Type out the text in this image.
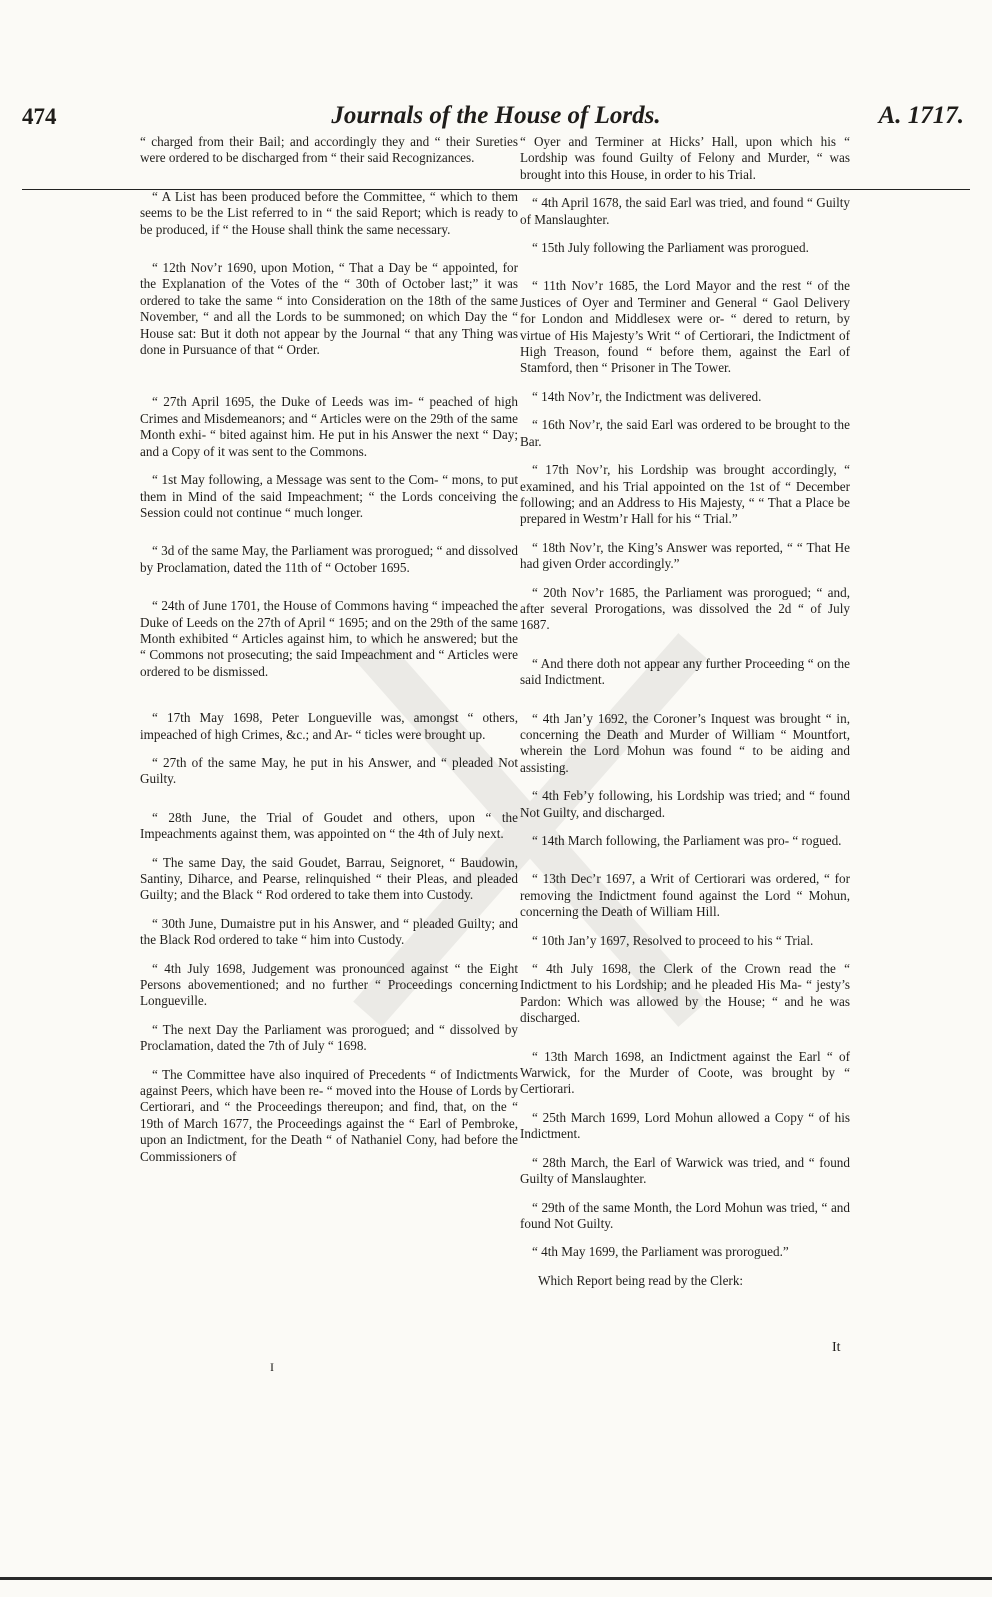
474	Journals of the House of Lords.	A. 1717.

“ charged from their Bail; and accordingly they and “ their Sureties were ordered to be discharged from “ their said Recognizances.

“ A List has been produced before the Committee, “ which to them seems to be the List referred to in “ the said Report; which is ready to be produced, if “ the House shall think the same necessary.

“ 12th Nov’r 1690, upon Motion, “ That a Day be “ appointed, for the Explanation of the Votes of the “ 30th of October last;” it was ordered to take the same “ into Consideration on the 18th of the same November, “ and all the Lords to be summoned; on which Day the “ House sat: But it doth not appear by the Journal “ that any Thing was done in Pursuance of that “ Order.

“ 27th April 1695, the Duke of Leeds was im- “ peached of high Crimes and Misdemeanors; and “ Articles were on the 29th of the same Month exhi- “ bited against him. He put in his Answer the next “ Day; and a Copy of it was sent to the Commons.

“ 1st May following, a Message was sent to the Com- “ mons, to put them in Mind of the said Impeachment; “ the Lords conceiving the Session could not continue “ much longer.

“ 3d of the same May, the Parliament was prorogued; “ and dissolved by Proclamation, dated the 11th of “ October 1695.

“ 24th of June 1701, the House of Commons having “ impeached the Duke of Leeds on the 27th of April “ 1695; and on the 29th of the same Month exhibited “ Articles against him, to which he answered; but the “ Commons not prosecuting; the said Impeachment and “ Articles were ordered to be dismissed.

“ 17th May 1698, Peter Longueville was, amongst “ others, impeached of high Crimes, &c.; and Ar- “ ticles were brought up.

“ 27th of the same May, he put in his Answer, and “ pleaded Not Guilty.

“ 28th June, the Trial of Goudet and others, upon “ the Impeachments against them, was appointed on “ the 4th of July next.

“ The same Day, the said Goudet, Barrau, Seignoret, “ Baudowin, Santiny, Diharce, and Pearse, relinquished “ their Pleas, and pleaded Guilty; and the Black “ Rod ordered to take them into Custody.

“ 30th June, Dumaistre put in his Answer, and “ pleaded Guilty; and the Black Rod ordered to take “ him into Custody.

“ 4th July 1698, Judgement was pronounced against “ the Eight Persons abovementioned; and no further “ Proceedings concerning Longueville.

“ The next Day the Parliament was prorogued; and “ dissolved by Proclamation, dated the 7th of July “ 1698.

“ The Committee have also inquired of Precedents “ of Indictments against Peers, which have been re- “ moved into the House of Lords by Certiorari, and “ the Proceedings thereupon; and find, that, on the “ 19th of March 1677, the Proceedings against the “ Earl of Pembroke, upon an Indictment, for the Death “ of Nathaniel Cony, had before the Commissioners of

“ Oyer and Terminer at Hicks’ Hall, upon which his “ Lordship was found Guilty of Felony and Murder, “ was brought into this House, in order to his Trial.

“ 4th April 1678, the said Earl was tried, and found “ Guilty of Manslaughter.

“ 15th July following the Parliament was prorogued.

“ 11th Nov’r 1685, the Lord Mayor and the rest “ of the Justices of Oyer and Terminer and General “ Gaol Delivery for London and Middlesex were or- “ dered to return, by virtue of His Majesty’s Writ “ of Certiorari, the Indictment of High Treason, found “ before them, against the Earl of Stamford, then “ Prisoner in The Tower.

“ 14th Nov’r, the Indictment was delivered.

“ 16th Nov’r, the said Earl was ordered to be brought to the Bar.

“ 17th Nov’r, his Lordship was brought accordingly, “ examined, and his Trial appointed on the 1st of “ December following; and an Address to His Majesty, “ “ That a Place be prepared in Westm’r Hall for his “ Trial.”

“ 18th Nov’r, the King’s Answer was reported, “ “ That He had given Order accordingly.”

“ 20th Nov’r 1685, the Parliament was prorogued; “ and, after several Prorogations, was dissolved the 2d “ of July 1687.

“ And there doth not appear any further Proceeding “ on the said Indictment.

“ 4th Jan’y 1692, the Coroner’s Inquest was brought “ in, concerning the Death and Murder of William “ Mountfort, wherein the Lord Mohun was found “ to be aiding and assisting.

“ 4th Feb’y following, his Lordship was tried; and “ found Not Guilty, and discharged.

“ 14th March following, the Parliament was pro- “ rogued.

“ 13th Dec’r 1697, a Writ of Certiorari was ordered, “ for removing the Indictment found against the Lord “ Mohun, concerning the Death of William Hill.

“ 10th Jan’y 1697, Resolved to proceed to his “ Trial.

“ 4th July 1698, the Clerk of the Crown read the “ Indictment to his Lordship; and he pleaded His Ma- “ jesty’s Pardon: Which was allowed by the House; “ and he was discharged.

“ 13th March 1698, an Indictment against the Earl “ of Warwick, for the Murder of Coote, was brought by “ Certiorari.

“ 25th March 1699, Lord Mohun allowed a Copy “ of his Indictment.

“ 28th March, the Earl of Warwick was tried, and “ found Guilty of Manslaughter.

“ 29th of the same Month, the Lord Mohun was tried, “ and found Not Guilty.

“ 4th May 1699, the Parliament was prorogued.”

Which Report being read by the Clerk:

It
I
